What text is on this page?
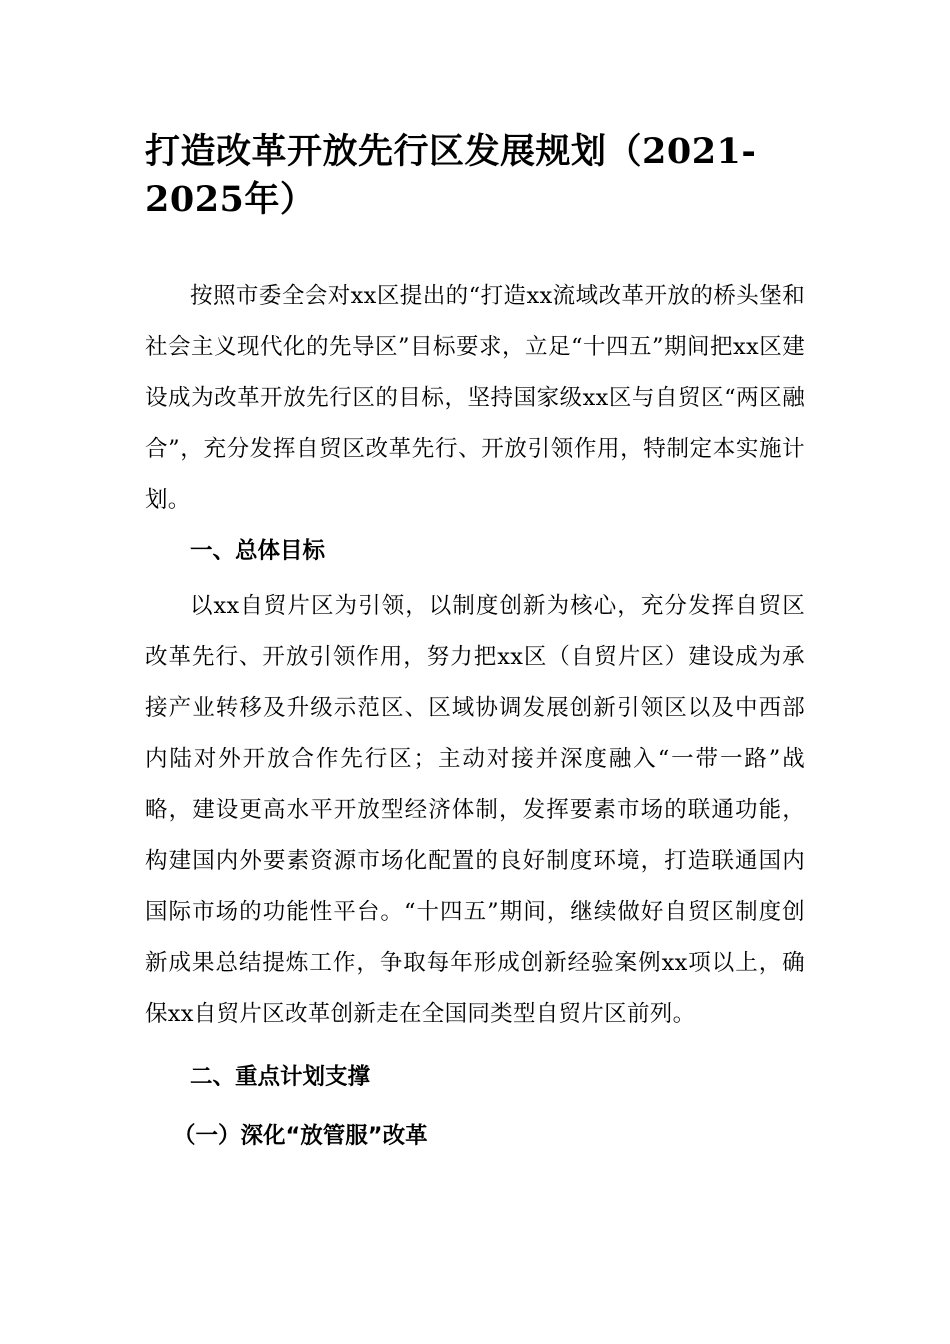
打造改革开放先行区发展规划（2021-2025年）

按照市委全会对xx区提出的“打造xx流域改革开放的桥头堡和社会主义现代化的先导区”目标要求，立足“十四五”期间把xx区建设成为改革开放先行区的目标，坚持国家级xx区与自贸区“两区融合”，充分发挥自贸区改革先行、开放引领作用，特制定本实施计划。

一、总体目标

以xx自贸片区为引领，以制度创新为核心，充分发挥自贸区改革先行、开放引领作用，努力把xx区（自贸片区）建设成为承接产业转移及升级示范区、区域协调发展创新引领区以及中西部内陆对外开放合作先行区；主动对接并深度融入“一带一路”战略，建设更高水平开放型经济体制，发挥要素市场的联通功能，构建国内外要素资源市场化配置的良好制度环境，打造联通国内国际市场的功能性平台。“十四五”期间，继续做好自贸区制度创新成果总结提炼工作，争取每年形成创新经验案例xx项以上，确保xx自贸片区改革创新走在全国同类型自贸片区前列。

二、重点计划支撑

（一）深化“放管服”改革
